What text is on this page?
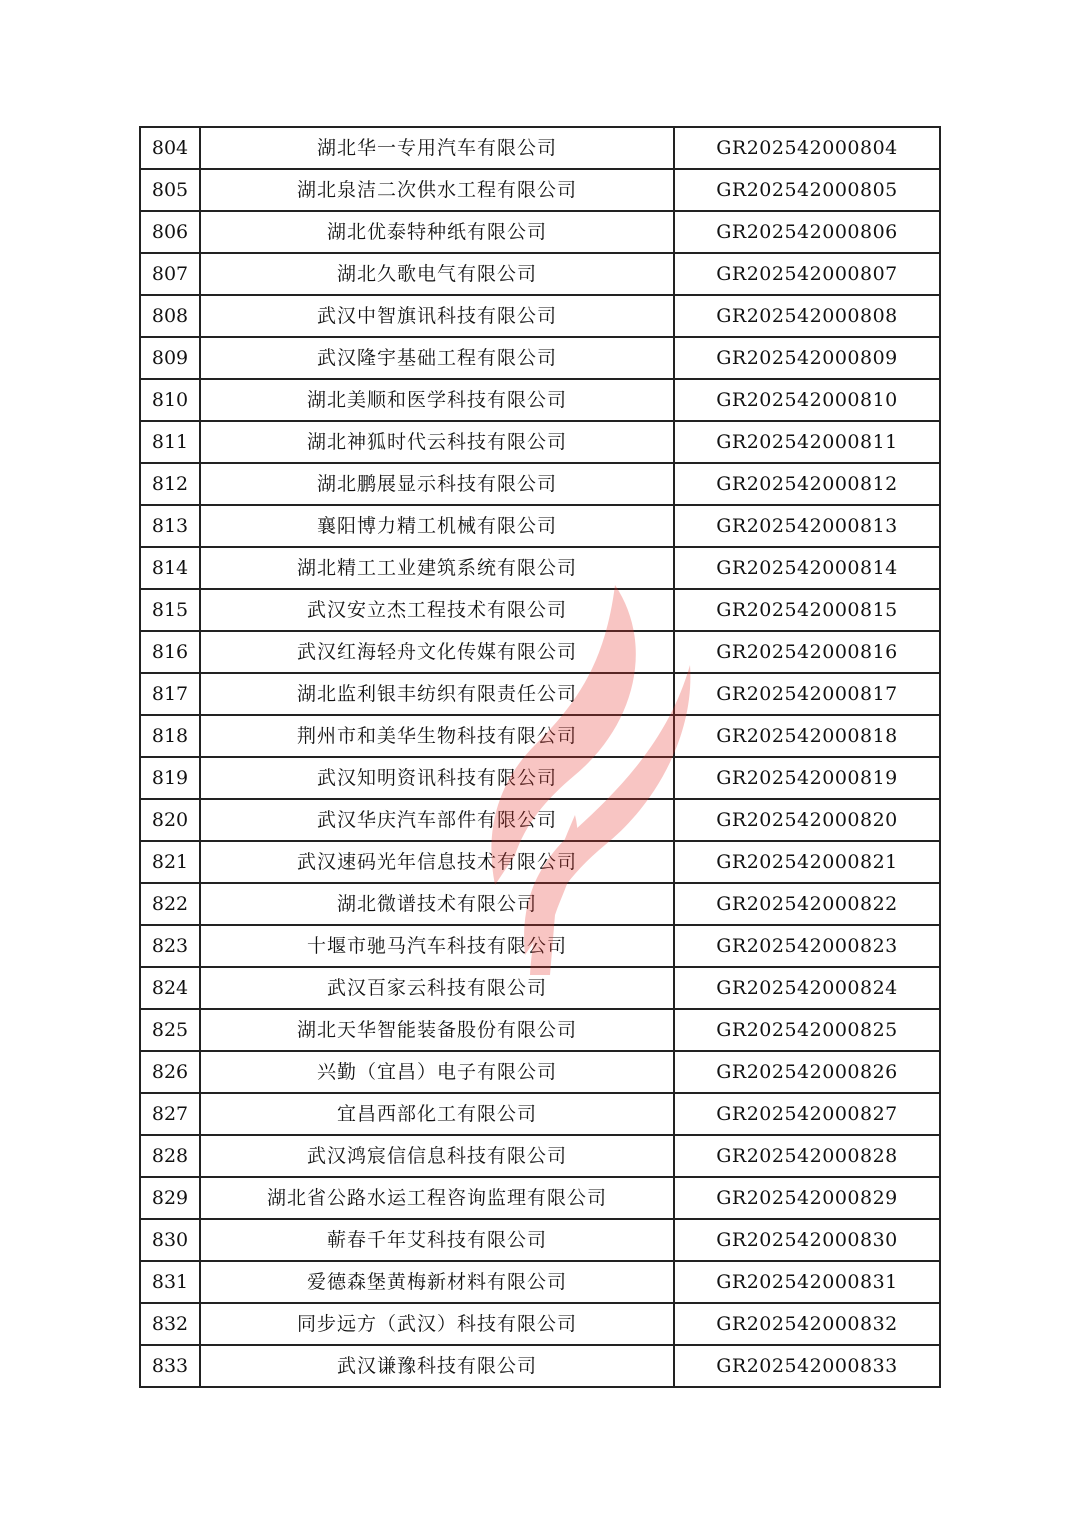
804	湖北华一专用汽车有限公司	GR202542000804
805	湖北泉洁二次供水工程有限公司	GR202542000805
806	湖北优泰特种纸有限公司	GR202542000806
807	湖北久歌电气有限公司	GR202542000807
808	武汉中智旗讯科技有限公司	GR202542000808
809	武汉隆宇基础工程有限公司	GR202542000809
810	湖北美顺和医学科技有限公司	GR202542000810
811	湖北神狐时代云科技有限公司	GR202542000811
812	湖北鹏展显示科技有限公司	GR202542000812
813	襄阳博力精工机械有限公司	GR202542000813
814	湖北精工工业建筑系统有限公司	GR202542000814
815	武汉安立杰工程技术有限公司	GR202542000815
816	武汉红海轻舟文化传媒有限公司	GR202542000816
817	湖北监利银丰纺织有限责任公司	GR202542000817
818	荆州市和美华生物科技有限公司	GR202542000818
819	武汉知明资讯科技有限公司	GR202542000819
820	武汉华庆汽车部件有限公司	GR202542000820
821	武汉速码光年信息技术有限公司	GR202542000821
822	湖北微谱技术有限公司	GR202542000822
823	十堰市驰马汽车科技有限公司	GR202542000823
824	武汉百家云科技有限公司	GR202542000824
825	湖北天华智能装备股份有限公司	GR202542000825
826	兴勤（宜昌）电子有限公司	GR202542000826
827	宜昌西部化工有限公司	GR202542000827
828	武汉鸿宸信信息科技有限公司	GR202542000828
829	湖北省公路水运工程咨询监理有限公司	GR202542000829
830	蕲春千年艾科技有限公司	GR202542000830
831	爱德森堡黄梅新材料有限公司	GR202542000831
832	同步远方（武汉）科技有限公司	GR202542000832
833	武汉谦豫科技有限公司	GR202542000833
